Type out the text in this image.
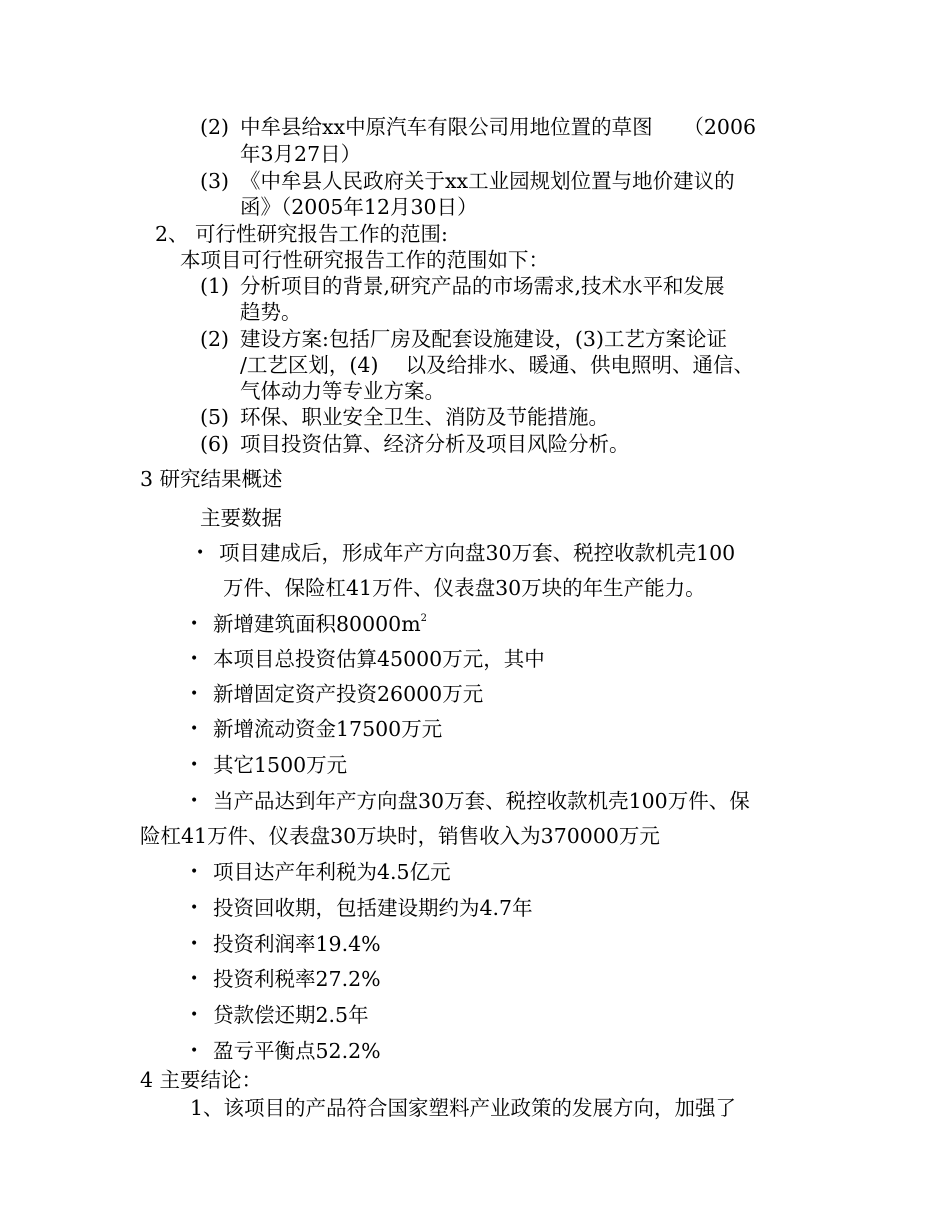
(2) 中牟县给xx中原汽车有限公司用地位置的草图　　（2006
年3月27日）
(3) 《中牟县人民政府关于xx工业园规划位置与地价建议的
函》（2005年12月30日）
2、 可行性研究报告工作的范围:
本项目可行性研究报告工作的范围如下：
(1) 分析项目的背景,研究产品的市场需求,技术水平和发展
趋势。
(2) 建设方案:包括厂房及配套设施建设，(3)工艺方案论证
/工艺区划，(4)　 以及给排水、暖通、供电照明、通信、
气体动力等专业方案。
(5) 环保、职业安全卫生、消防及节能措施。
(6) 项目投资估算、经济分析及项目风险分析。
3 研究结果概述
主要数据
• 项目建成后，形成年产方向盘30万套、税控收款机壳100
万件、保险杠41万件、仪表盘30万块的年生产能力。
• 新增建筑面积$80000m^2$
• 本项目总投资估算45000万元，其中
• 新增固定资产投资26000万元
• 新增流动资金17500万元
• 其它1500万元
• 当产品达到年产方向盘30万套、税控收款机壳100万件、保
险杠41万件、仪表盘30万块时，销售收入为370000万元
• 项目达产年利税为4.5亿元
• 投资回收期，包括建设期约为4.7年
• 投资利润率19.4%
• 投资利税率27.2%
• 贷款偿还期2.5年
• 盈亏平衡点52.2%
4 主要结论：
1、该项目的产品符合国家塑料产业政策的发展方向，加强了
